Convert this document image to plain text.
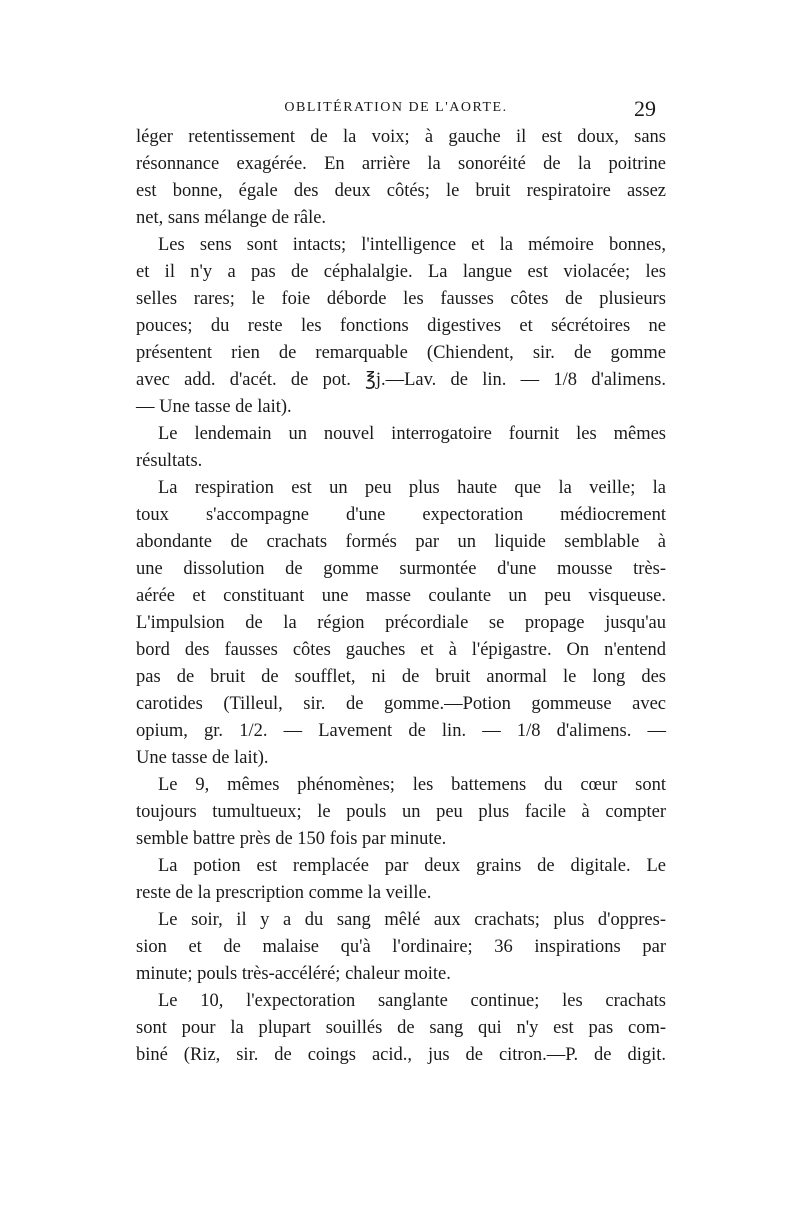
OBLITÉRATION DE L'AORTE.	29
léger retentissement de la voix; à gauche il est doux, sans
résonnance exagérée. En arrière la sonoréité de la poitrine
est bonne, égale des deux côtés; le bruit respiratoire assez
net, sans mélange de râle.
Les sens sont intacts; l'intelligence et la mémoire bonnes,
et il n'y a pas de céphalalgie. La langue est violacée; les
selles rares; le foie déborde les fausses côtes de plusieurs
pouces; du reste les fonctions digestives et sécrétoires ne
présentent rien de remarquable (Chiendent, sir. de gomme
avec add. d'acét. de pot. ℥j.—Lav. de lin. — 1/8 d'alimens.
— Une tasse de lait).
Le lendemain un nouvel interrogatoire fournit les mêmes
résultats.
La respiration est un peu plus haute que la veille; la
toux s'accompagne d'une expectoration médiocrement
abondante de crachats formés par un liquide semblable à
une dissolution de gomme surmontée d'une mousse très-
aérée et constituant une masse coulante un peu visqueuse.
L'impulsion de la région précordiale se propage jusqu'au
bord des fausses côtes gauches et à l'épigastre. On n'entend
pas de bruit de soufflet, ni de bruit anormal le long des
carotides (Tilleul, sir. de gomme.—Potion gommeuse avec
opium, gr. 1/2. — Lavement de lin. — 1/8 d'alimens. —
Une tasse de lait).
Le 9, mêmes phénomènes; les battemens du cœur sont
toujours tumultueux; le pouls un peu plus facile à compter
semble battre près de 150 fois par minute.
La potion est remplacée par deux grains de digitale. Le
reste de la prescription comme la veille.
Le soir, il y a du sang mêlé aux crachats; plus d'oppres-
sion et de malaise qu'à l'ordinaire; 36 inspirations par
minute; pouls très-accéléré; chaleur moite.
Le 10, l'expectoration sanglante continue; les crachats
sont pour la plupart souillés de sang qui n'y est pas com-
biné (Riz, sir. de coings acid., jus de citron.—P. de digit.
